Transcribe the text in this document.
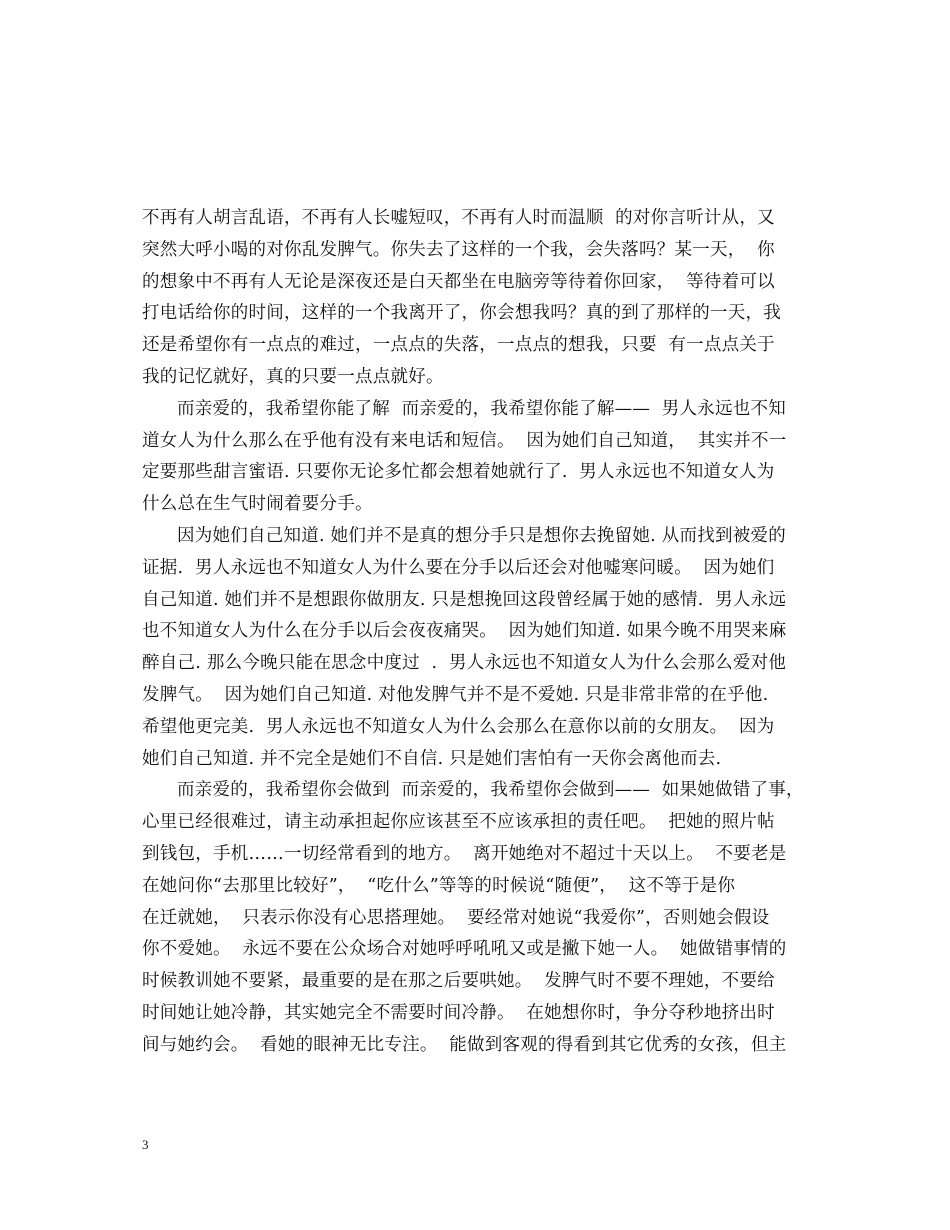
不再有人胡言乱语，不再有人长嘘短叹，不再有人时而温顺  的对你言听计从，又
突然大呼小喝的对你乱发脾气。你失去了这样的一个我，会失落吗？某一天，  你
的想象中不再有人无论是深夜还是白天都坐在电脑旁等待着你回家，  等待着可以
打电话给你的时间，这样的一个我离开了，你会想我吗？真的到了那样的一天，我
还是希望你有一点点的难过，一点点的失落，一点点的想我，只要  有一点点关于
我的记忆就好，真的只要一点点就好。
而亲爱的，我希望你能了解  而亲爱的，我希望你能了解——  男人永远也不知
道女人为什么那么在乎他有没有来电话和短信。  因为她们自己知道，  其实并不一
定要那些甜言蜜语. 只要你无论多忙都会想着她就行了.  男人永远也不知道女人为
什么总在生气时闹着要分手。
因为她们自己知道. 她们并不是真的想分手只是想你去挽留她. 从而找到被爱的
证据.  男人永远也不知道女人为什么要在分手以后还会对他嘘寒问暖。  因为她们
自己知道. 她们并不是想跟你做朋友. 只是想挽回这段曾经属于她的感情.  男人永远
也不知道女人为什么在分手以后会夜夜痛哭。  因为她们知道. 如果今晚不用哭来麻
醉自己. 那么今晚只能在思念中度过  .  男人永远也不知道女人为什么会那么爱对他
发脾气。  因为她们自己知道. 对他发脾气并不是不爱她. 只是非常非常的在乎他.
希望他更完美.  男人永远也不知道女人为什么会那么在意你以前的女朋友。  因为
她们自己知道. 并不完全是她们不自信. 只是她们害怕有一天你会离他而去.
而亲爱的，我希望你会做到  而亲爱的，我希望你会做到——  如果她做错了事，
心里已经很难过，请主动承担起你应该甚至不应该承担的责任吧。  把她的照片帖
到钱包，手机……一切经常看到的地方。  离开她绝对不超过十天以上。  不要老是
在她问你“去那里比较好”，  “吃什么”等等的时候说“随便”，  这不等于是你
在迁就她，  只表示你没有心思搭理她。  要经常对她说“我爱你”，否则她会假设
你不爱她。  永远不要在公众场合对她呼呼吼吼又或是撇下她一人。  她做错事情的
时候教训她不要紧，最重要的是在那之后要哄她。  发脾气时不要不理她，不要给
时间她让她冷静，其实她完全不需要时间冷静。  在她想你时，争分夺秒地挤出时
间与她约会。  看她的眼神无比专注。  能做到客观的得看到其它优秀的女孩，但主
3
